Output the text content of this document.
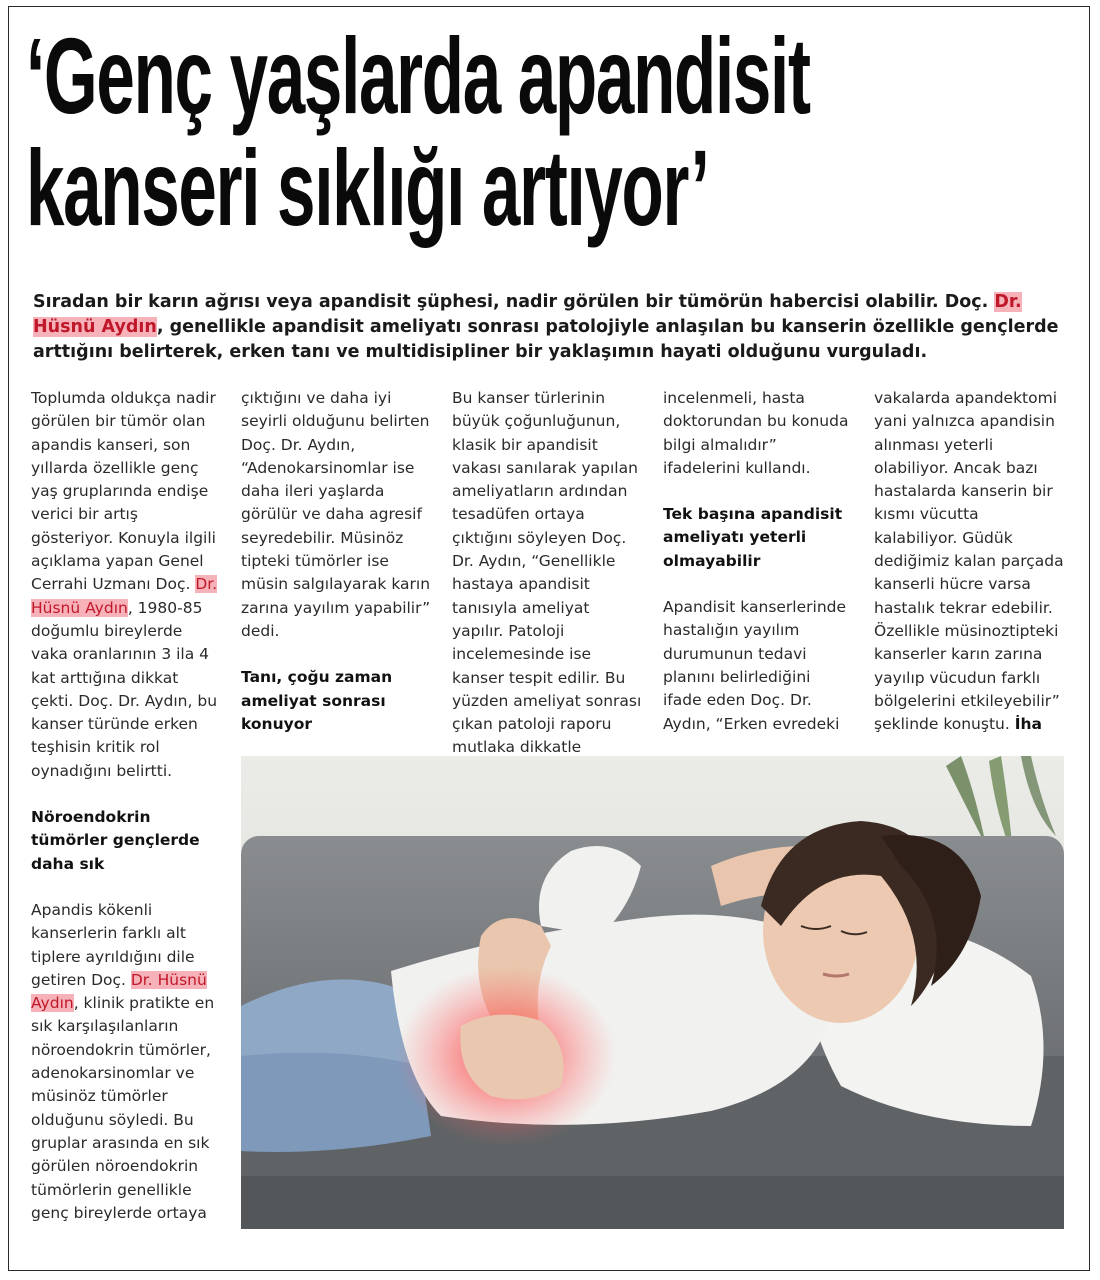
‘Genç yaşlarda apandisit
kanseri sıklığı artıyor’

Sıradan bir karın ağrısı veya apandisit şüphesi, nadir görülen bir tümörün habercisi olabilir. Doç. Dr. Hüsnü Aydın, genellikle apandisit ameliyatı sonrası patolojiyle anlaşılan bu kanserin özellikle gençlerde arttığını belirterek, erken tanı ve multidisipliner bir yaklaşımın hayati olduğunu vurguladı.

Toplumda oldukça nadir görülen bir tümör olan apandis kanseri, son yıllarda özellikle genç yaş gruplarında endişe verici bir artış gösteriyor. Konuyla ilgili açıklama yapan Genel Cerrahi Uzmanı Doç. Dr. Hüsnü Aydın, 1980-85 doğumlu bireylerde vaka oranlarının 3 ila 4 kat arttığına dikkat çekti. Doç. Dr. Aydın, bu kanser türünde erken teşhisin kritik rol oynadığını belirtti.

Nöroendokrin tümörler gençlerde daha sık

Apandis kökenli kanserlerin farklı alt tiplere ayrıldığını dile getiren Doç. Dr. Hüsnü Aydın, klinik pratikte en sık karşılaşılanların nöroendokrin tümörler, adenokarsinomlar ve müsinöz tümörler olduğunu söyledi. Bu gruplar arasında en sık görülen nöroendokrin tümörlerin genellikle genç bireylerde ortaya

çıktığını ve daha iyi seyirli olduğunu belirten Doç. Dr. Aydın, “Adenokarsinomlar ise daha ileri yaşlarda görülür ve daha agresif seyredebilir. Müsinöz tipteki tümörler ise müsin salgılayarak karın zarına yayılım yapabilir” dedi.

Tanı, çoğu zaman ameliyat sonrası konuyor

Bu kanser türlerinin büyük çoğunluğunun, klasik bir apandisit vakası sanılarak yapılan ameliyatların ardından tesadüfen ortaya çıktığını söyleyen Doç. Dr. Aydın, “Genellikle hastaya apandisit tanısıyla ameliyat yapılır. Patoloji incelemesinde ise kanser tespit edilir. Bu yüzden ameliyat sonrası çıkan patoloji raporu mutlaka dikkatle

incelenmeli, hasta doktorundan bu konuda bilgi almalıdır” ifadelerini kullandı.

Tek başına apandisit ameliyatı yeterli olmayabilir

Apandisit kanserlerinde hastalığın yayılım durumunun tedavi planını belirlediğini ifade eden Doç. Dr. Aydın, “Erken evredeki

vakalarda apandektomi yani yalnızca apandisin alınması yeterli olabiliyor. Ancak bazı hastalarda kanserin bir kısmı vücutta kalabiliyor. Güdük dediğimiz kalan parçada kanserli hücre varsa hastalık tekrar edebilir. Özellikle müsinoztipteki kanserler karın zarına yayılıp vücudun farklı bölgelerini etkileyebilir” şeklinde konuştu. İha
